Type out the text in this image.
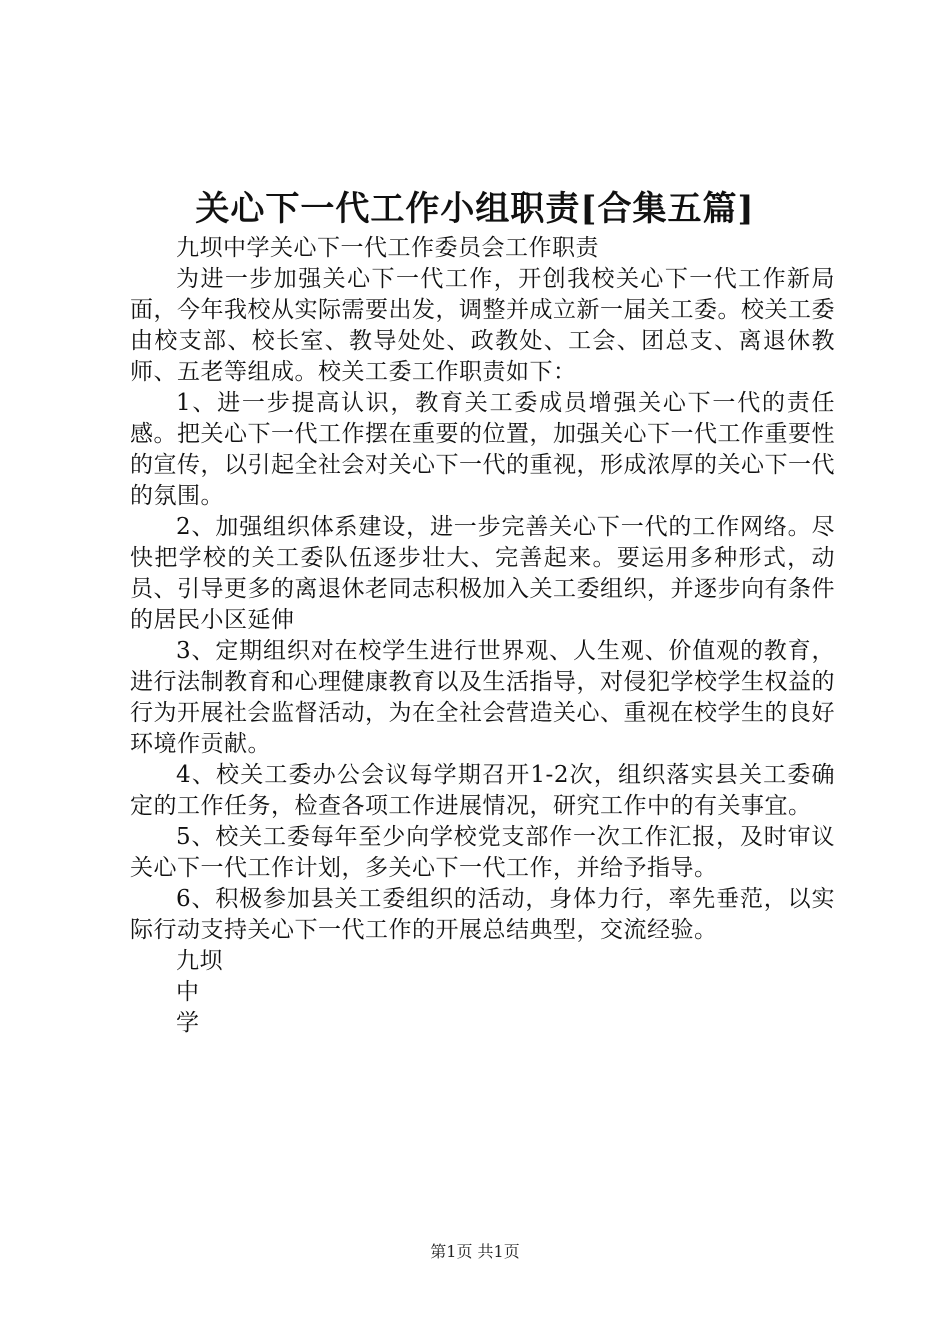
关心下一代工作小组职责[合集五篇]

九坝中学关心下一代工作委员会工作职责

为进一步加强关心下一代工作，开创我校关心下一代工作新局面，今年我校从实际需要出发，调整并成立新一届关工委。校关工委由校支部、校长室、教导处处、政教处、工会、团总支、离退休教师、五老等组成。校关工委工作职责如下：

1、进一步提高认识，教育关工委成员增强关心下一代的责任感。把关心下一代工作摆在重要的位置，加强关心下一代工作重要性的宣传，以引起全社会对关心下一代的重视，形成浓厚的关心下一代的氛围。

2、加强组织体系建设，进一步完善关心下一代的工作网络。尽快把学校的关工委队伍逐步壮大、完善起来。要运用多种形式，动员、引导更多的离退休老同志积极加入关工委组织，并逐步向有条件的居民小区延伸

3、定期组织对在校学生进行世界观、人生观、价值观的教育，进行法制教育和心理健康教育以及生活指导，对侵犯学校学生权益的行为开展社会监督活动，为在全社会营造关心、重视在校学生的良好环境作贡献。

4、校关工委办公会议每学期召开1-2次，组织落实县关工委确定的工作任务，检查各项工作进展情况，研究工作中的有关事宜。

5、校关工委每年至少向学校党支部作一次工作汇报，及时审议关心下一代工作计划，多关心下一代工作，并给予指导。

6、积极参加县关工委组织的活动，身体力行，率先垂范，以实际行动支持关心下一代工作的开展总结典型，交流经验。

九坝
中
学
第1页 共1页
